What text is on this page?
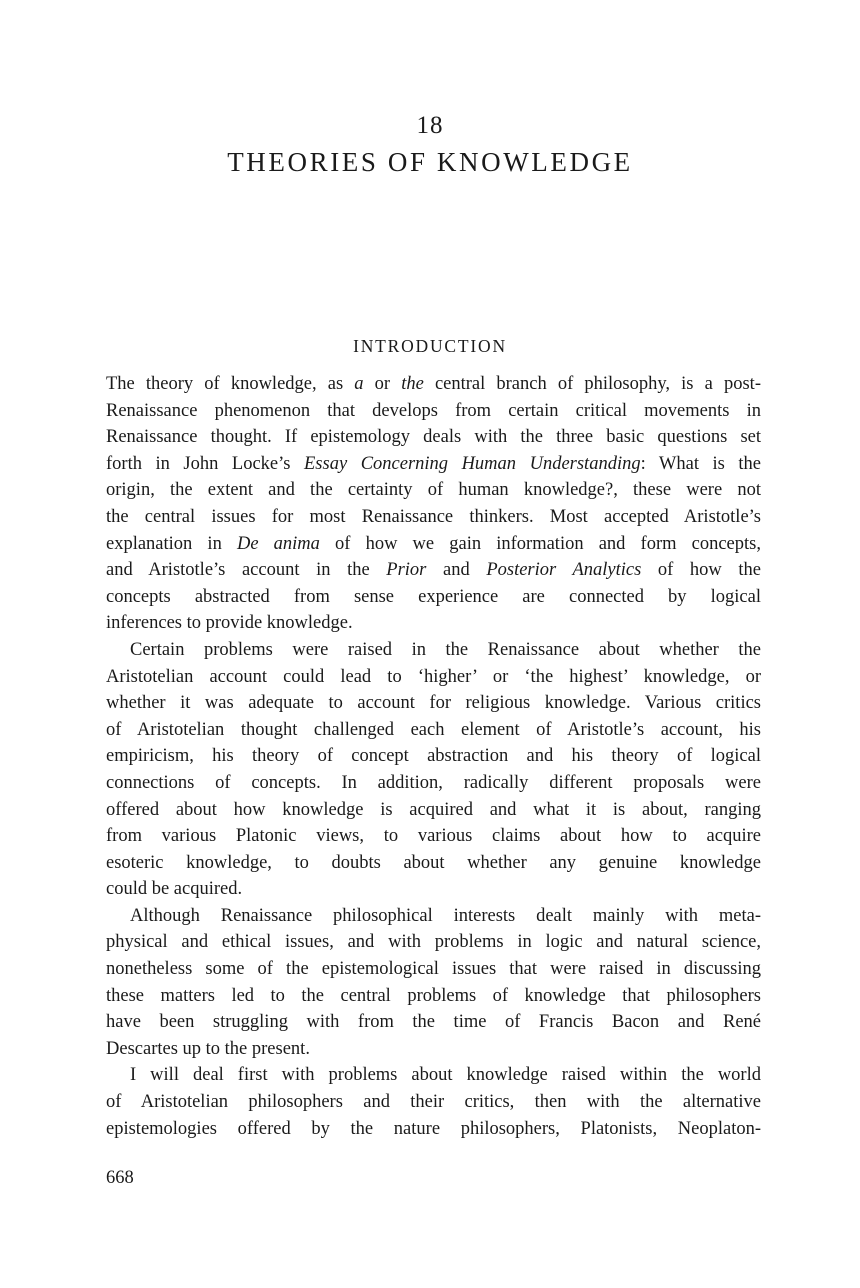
18
THEORIES OF KNOWLEDGE
INTRODUCTION
The theory of knowledge, as a or the central branch of philosophy, is a post-
Renaissance phenomenon that develops from certain critical movements in
Renaissance thought. If epistemology deals with the three basic questions set
forth in John Locke’s Essay Concerning Human Understanding: What is the
origin, the extent and the certainty of human knowledge?, these were not
the central issues for most Renaissance thinkers. Most accepted Aristotle’s
explanation in De anima of how we gain information and form concepts,
and Aristotle’s account in the Prior and Posterior Analytics of how the
concepts abstracted from sense experience are connected by logical
inferences to provide knowledge.
Certain problems were raised in the Renaissance about whether the
Aristotelian account could lead to ‘higher’ or ‘the highest’ knowledge, or
whether it was adequate to account for religious knowledge. Various critics
of Aristotelian thought challenged each element of Aristotle’s account, his
empiricism, his theory of concept abstraction and his theory of logical
connections of concepts. In addition, radically different proposals were
offered about how knowledge is acquired and what it is about, ranging
from various Platonic views, to various claims about how to acquire
esoteric knowledge, to doubts about whether any genuine knowledge
could be acquired.
Although Renaissance philosophical interests dealt mainly with meta-
physical and ethical issues, and with problems in logic and natural science,
nonetheless some of the epistemological issues that were raised in discussing
these matters led to the central problems of knowledge that philosophers
have been struggling with from the time of Francis Bacon and René
Descartes up to the present.
I will deal first with problems about knowledge raised within the world
of Aristotelian philosophers and their critics, then with the alternative
epistemologies offered by the nature philosophers, Platonists, Neoplaton-
668
